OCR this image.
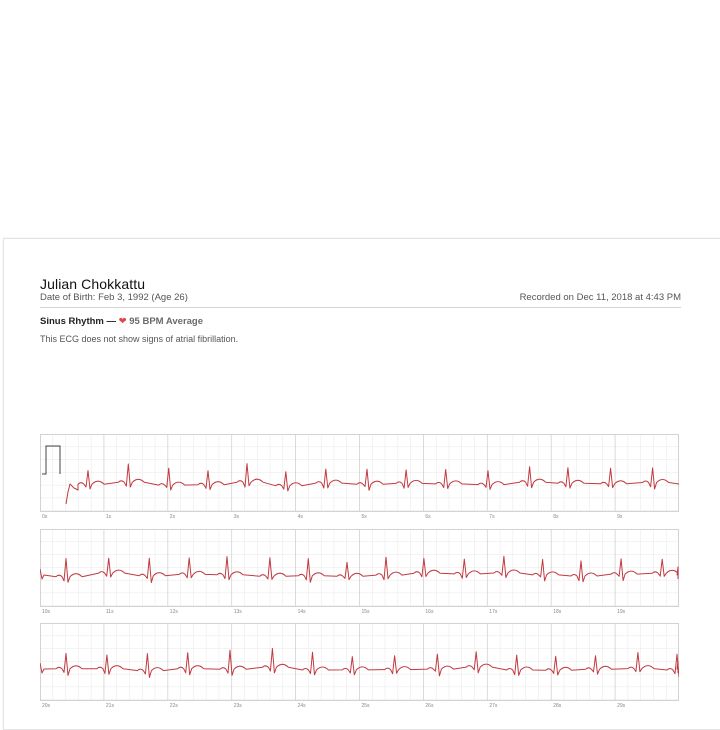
Julian Chokkattu
Date of Birth: Feb 3, 1992 (Age 26)	Recorded on Dec 11, 2018 at 4:43 PM
Sinus Rhythm — ❤ 95 BPM Average
This ECG does not show signs of atrial fibrillation.
0s	1s	2s	3s	4s	5s	6s	7s	8s	9s
10s	11s	12s	13s	14s	15s	16s	17s	18s	19s
20s	21s	22s	23s	24s	25s	26s	27s	28s	29s
